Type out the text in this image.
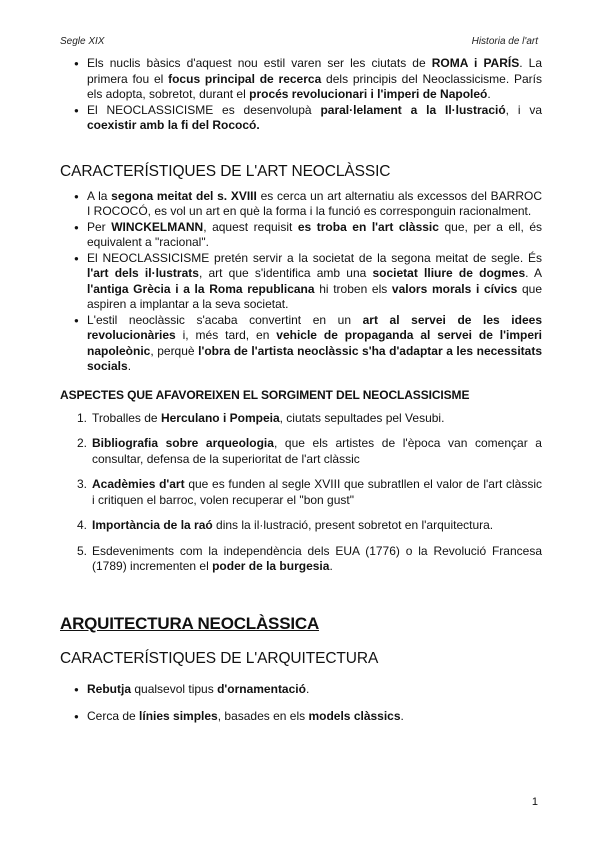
Segle XIX	Historia de l'art
● Els nuclis bàsics d'aquest nou estil varen ser les ciutats de ROMA i PARÍS. La primera fou el focus principal de recerca dels principis del Neoclassicisme. París els adopta, sobretot, durant el procés revolucionari i l'imperi de Napoleó.
● El NEOCLASSICISME es desenvolupà paral·lelament a la Il·lustració, i va coexistir amb la fi del Rococó.
CARACTERÍSTIQUES DE L'ART NEOCLÀSSIC
● A la segona meitat del s. XVIII es cerca un art alternatiu als excessos del BARROC I ROCOCÓ, es vol un art en què la forma i la funció es corresponguin racionalment.
● Per WINCKELMANN, aquest requisit es troba en l'art clàssic que, per a ell, és equivalent a "racional".
● El NEOCLASSICISME pretén servir a la societat de la segona meitat de segle. És l'art dels il·lustrats, art que s'identifica amb una societat lliure de dogmes. A l'antiga Grècia i a la Roma republicana hi troben els valors morals i cívics que aspiren a implantar a la seva societat.
● L'estil neoclàssic s'acaba convertint en un art al servei de les idees revolucionàries i, més tard, en vehicle de propaganda al servei de l'imperi napoleònic, perquè l'obra de l'artista neoclàssic s'ha d'adaptar a les necessitats socials.
ASPECTES QUE AFAVOREIXEN EL SORGIMENT DEL NEOCLASSICISME
1. Troballes de Herculano i Pompeia, ciutats sepultades pel Vesubi.
2. Bibliografia sobre arqueologia, que els artistes de l'època van començar a consultar, defensa de la superioritat de l'art clàssic
3. Acadèmies d'art que es funden al segle XVIII que subratllen el valor de l'art clàssic i critiquen el barroc, volen recuperar el "bon gust"
4. Importància de la raó dins la il·lustració, present sobretot en l'arquitectura.
5. Esdeveniments com la independència dels EUA (1776) o la Revolució Francesa (1789) incrementen el poder de la burgesia.
ARQUITECTURA NEOCLÀSSICA
CARACTERÍSTIQUES DE L'ARQUITECTURA
● Rebutja qualsevol tipus d'ornamentació.
● Cerca de línies simples, basades en els models clàssics.
1
